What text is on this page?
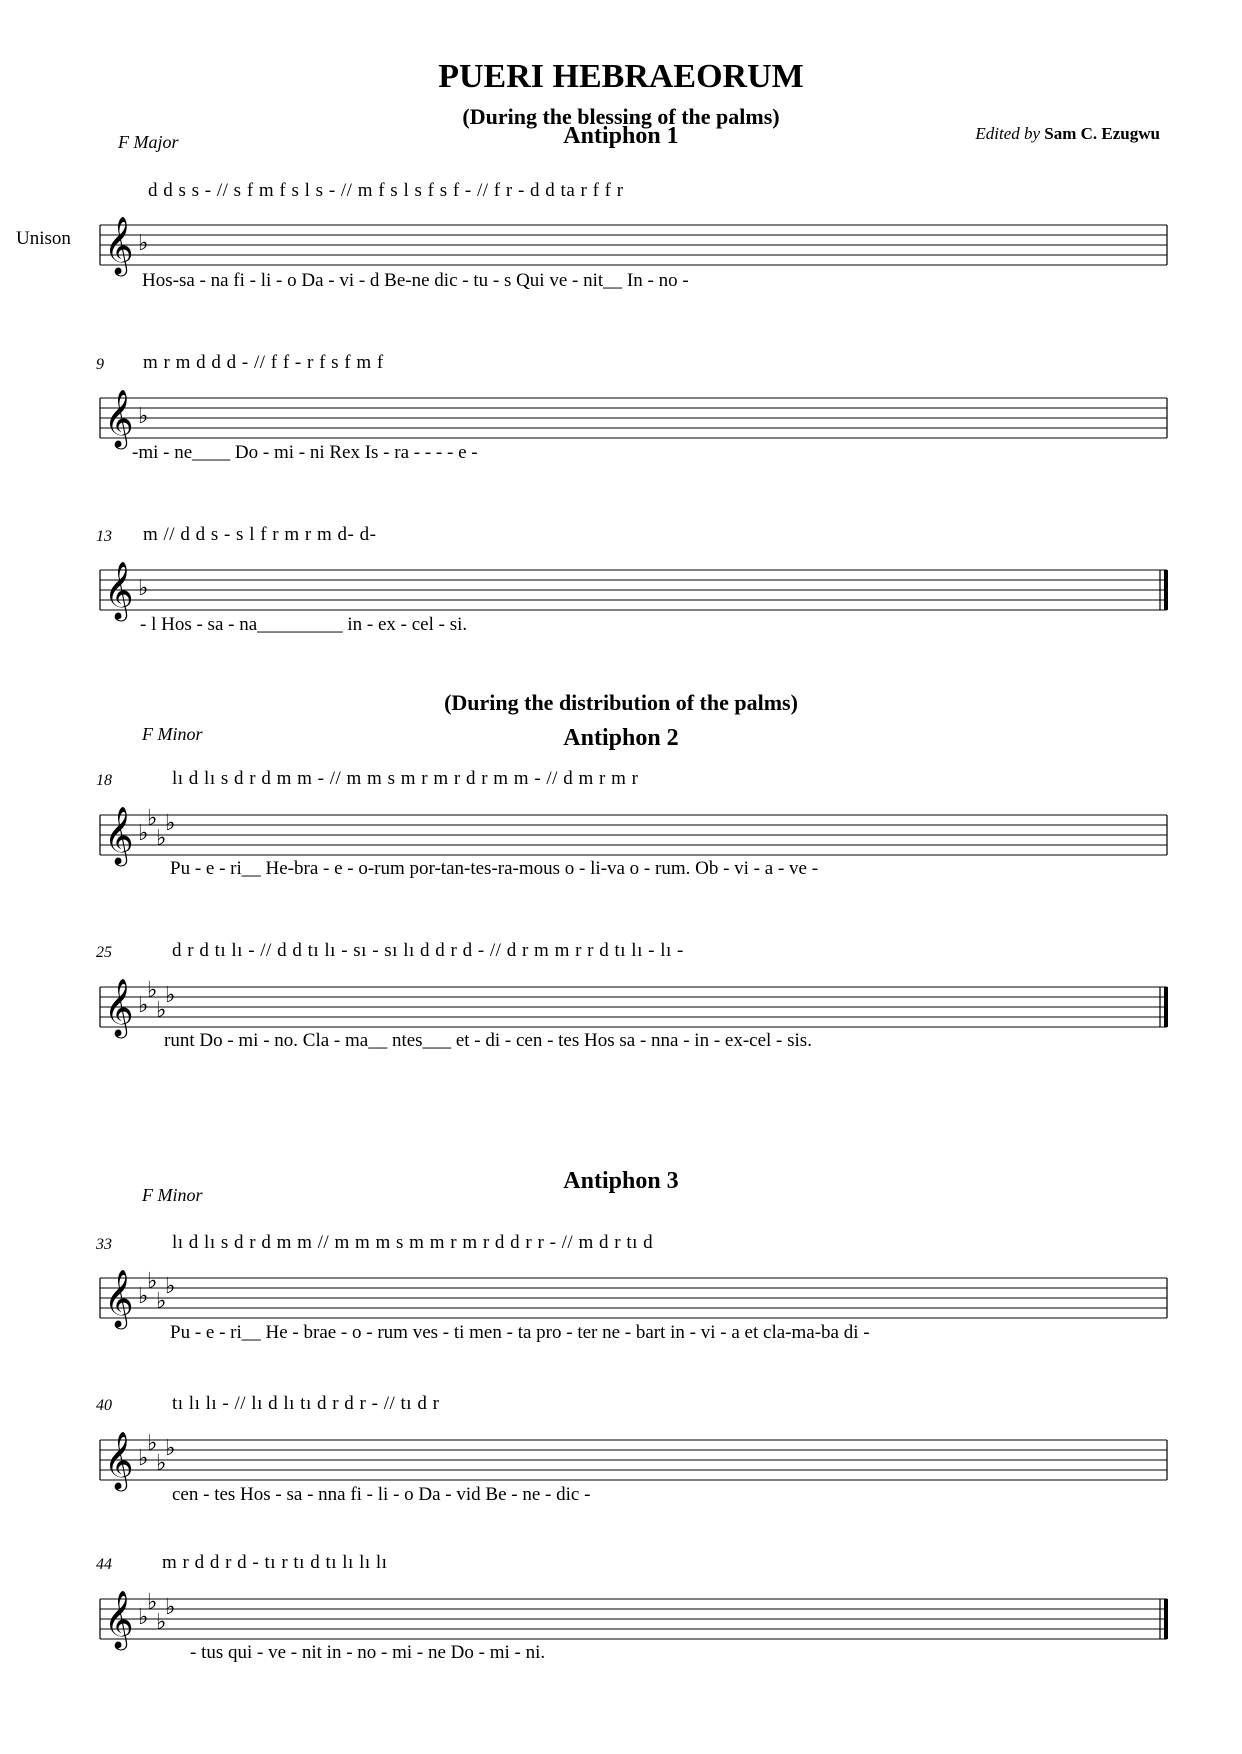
PUERI HEBRAEORUM
(During the blessing of the palms)
F Major	Antiphon 1	Edited by Sam C. Ezugwu
Unison
d d s s - // s f m f s l s - // m f s l s f s f - // f r - d d ta r f f r
𝄞 ♭
Hos-sa - na fi - li - o Da - vi - d Be-ne dic - tu - s Qui ve - nit__ In - no -
9 m r m d d d - // f f - r f s f m f
𝄞 ♭
-mi - ne____ Do - mi - ni Rex Is - ra - - - - e -
13 m // d d s - s l f r m r m d- d-
𝄞 ♭
- l Hos - sa - na_________ in - ex - cel - si.
(During the distribution of the palms)
F Minor	Antiphon 2
18	lı d lı s d r d m m - // m m s m r m r d r m m - // d m r m r
𝄞 ♭
♭
♭
♭
Pu - e - ri__ He-bra - e - o-rum por-tan-tes-ra-mous o - li-va o - rum. Ob - vi - a - ve -
25	d r d tı lı - // d d tı lı - sı - sı lı d d r d - // d r m m r r d tı lı - lı -
𝄞 ♭
♭
♭
♭
runt Do - mi - no. Cla - ma__ ntes___ et - di - cen - tes Hos sa - nna - in - ex-cel - sis.
F Minor
Antiphon 3
33	lı d lı s d r d m m // m m m s m m r m r d d r r - // m d r tı d
𝄞 ♭
♭
♭
♭
Pu - e - ri__ He - brae - o - rum ves - ti men - ta pro - ter ne - bart in - vi - a et cla-ma-ba di -
40	tı lı lı - // lı d lı tı d r d r - // tı d r
𝄞 ♭
♭
♭
♭
cen - tes Hos - sa - nna fi - li - o Da - vid Be - ne - dic -
44	m r d d r d - tı r tı d tı lı lı lı
𝄞 ♭
♭
♭
♭
- tus qui - ve - nit in - no - mi - ne Do - mi - ni.
